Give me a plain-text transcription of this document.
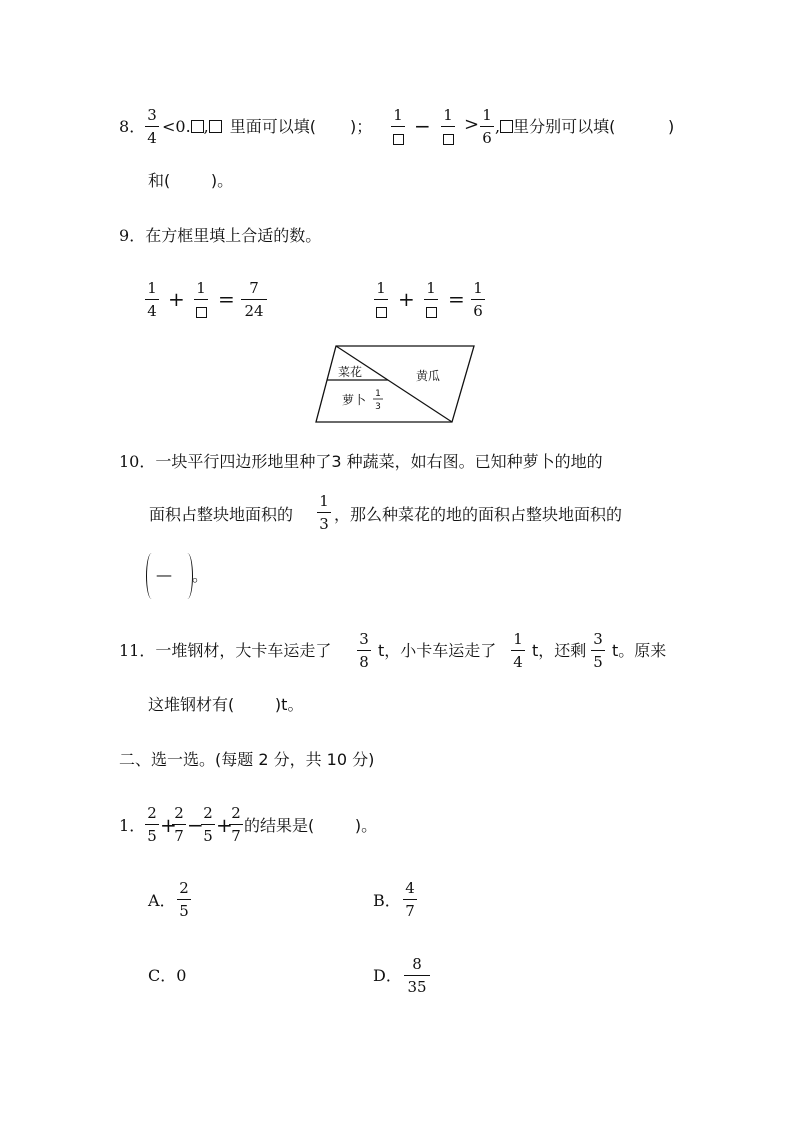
8．
3
4
<0. , 里面可以填( )；
1 − 1 > 1
6
, 里分别可以填(	)
和(        )。
9．在方框里填上合适的数。
1
4 + 1 = 7
24
1 + 1 = 1
6
菜花	黄瓜
萝卜 1
3
10．一块平行四边形地里种了3 种蔬菜，如右图。已知种萝卜的地的
面积占整块地面积的
1
3 ，那么种菜花的地的面积占整块地面积的
— 。
11．一堆钢材，大卡车运走了
3
8
t，小卡车运走了
1
4
t，还剩
3
5
t。原来
这堆钢材有(        )t。
二、选一选。(每题 2 分，共 10 分)
1．
2
5 +
2
7 − 2
5 +
2
7
的结果是(        )。
A．
2
5
B．
4
7
C．0	D．
8
35
